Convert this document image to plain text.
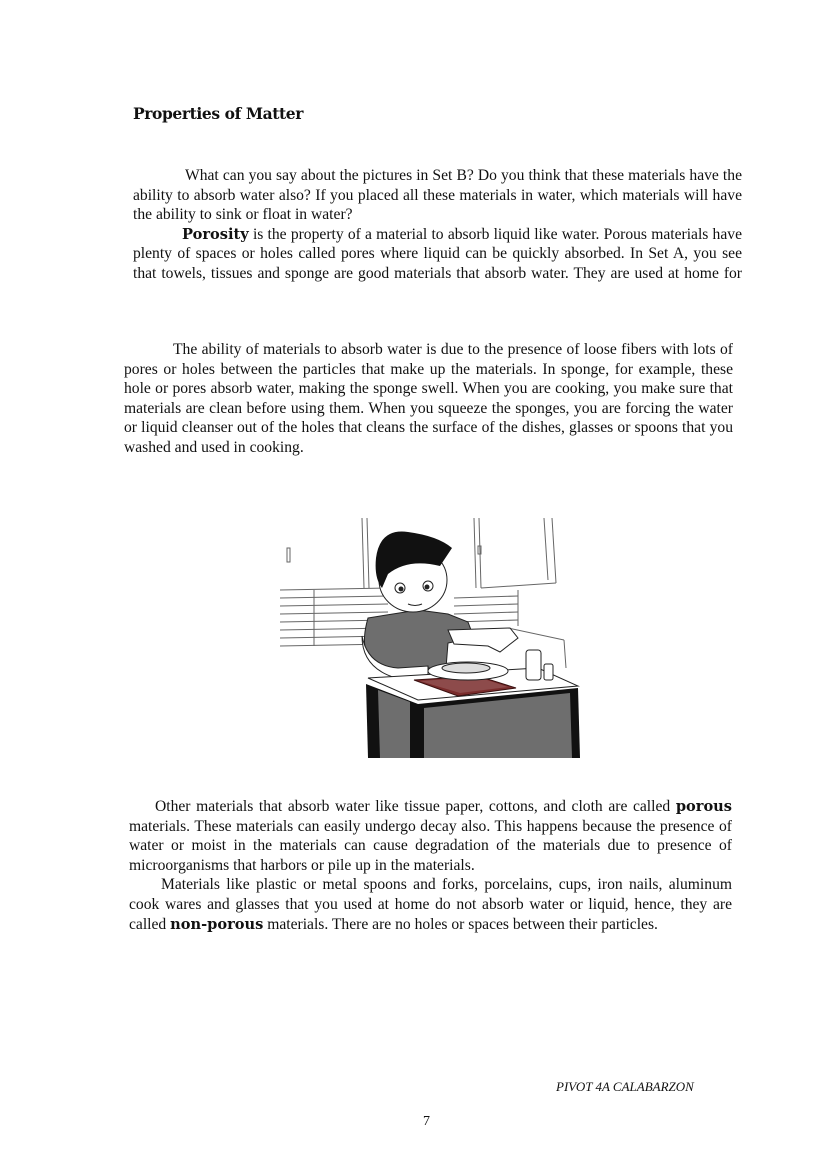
Properties of Matter

What can you say about the pictures in Set B? Do you think that these materials have the ability to absorb water also? If you placed all these materials in water, which materials will have the ability to sink or float in water?

Porosity is the property of a material to absorb liquid like water. Porous materials have plenty of spaces or holes called pores where liquid can be quickly absorbed. In Set A, you see that towels, tissues and sponge are good materials that absorb water. They are used at home for

The ability of materials to absorb water is due to the presence of loose fibers with lots of pores or holes between the particles that make up the materials. In sponge, for example, these hole or pores absorb water, making the sponge swell. When you are cooking, you make sure that materials are clean before using them. When you squeeze the sponges, you are forcing the water or liquid cleanser out of the holes that cleans the surface of the dishes, glasses or spoons that you washed and used in cooking.

Other materials that absorb water like tissue paper, cottons, and cloth are called porous materials. These materials can easily undergo decay also. This happens because the presence of water or moist in the materials can cause degradation of the materials due to presence of microorganisms that harbors or pile up in the materials.

Materials like plastic or metal spoons and forks, porcelains, cups, iron nails, aluminum cook wares and glasses that you used at home do not absorb water or liquid, hence, they are called non-porous materials. There are no holes or spaces between their particles.

PIVOT 4A CALABARZON
7
